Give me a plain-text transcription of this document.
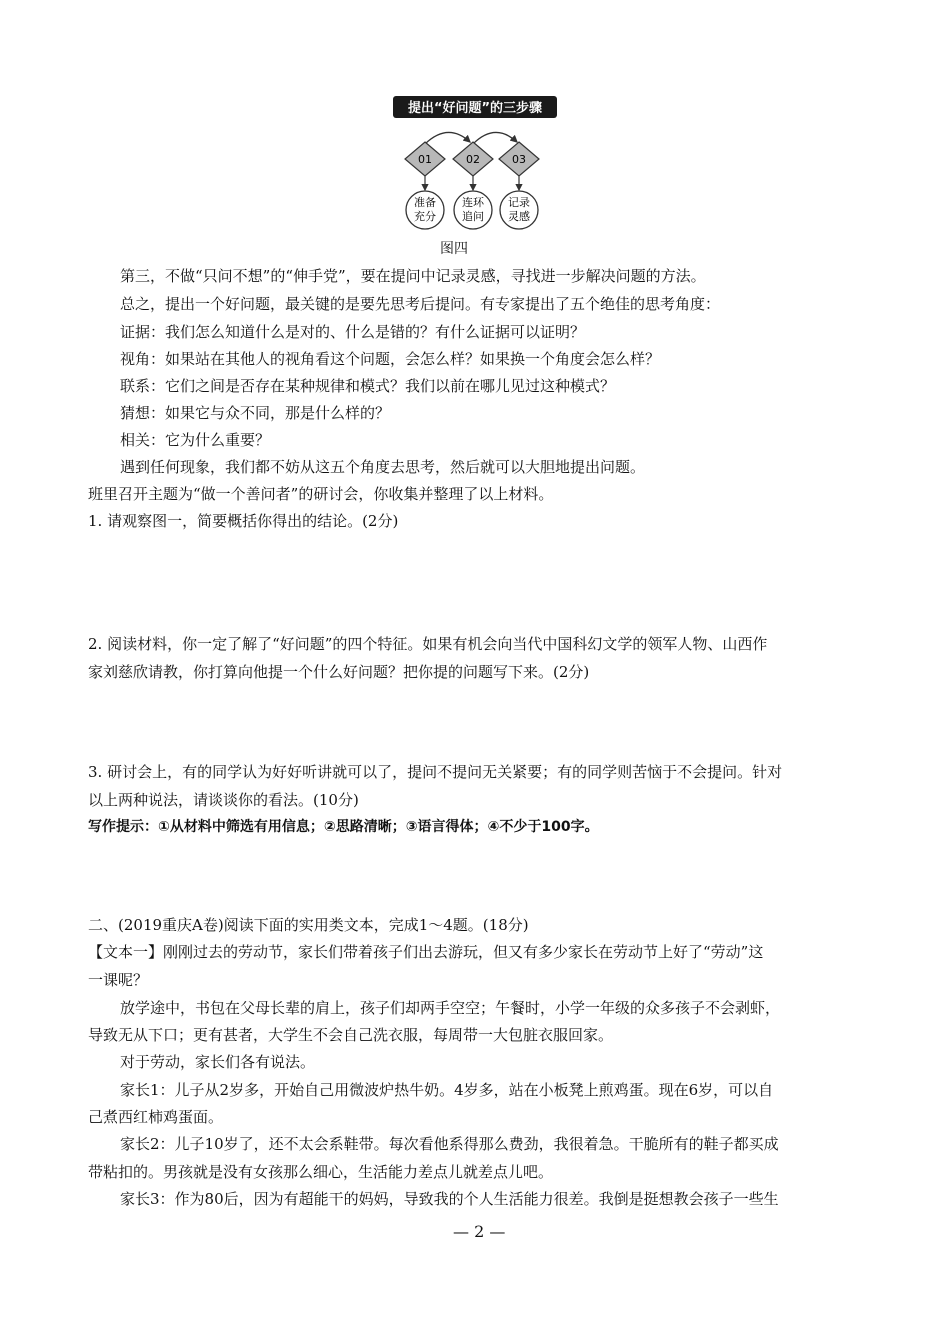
提出“好问题”的三步骤
01
准备
充分
02
连环
追问
03
记录
灵感
图四
第三，不做“只问不想”的“伸手党”，要在提问中记录灵感，寻找进一步解决问题的方法。
总之，提出一个好问题，最关键的是要先思考后提问。有专家提出了五个绝佳的思考角度：
证据：我们怎么知道什么是对的、什么是错的？有什么证据可以证明？
视角：如果站在其他人的视角看这个问题，会怎么样？如果换一个角度会怎么样？
联系：它们之间是否存在某种规律和模式？我们以前在哪儿见过这种模式？
猜想：如果它与众不同，那是什么样的？
相关：它为什么重要？
遇到任何现象，我们都不妨从这五个角度去思考，然后就可以大胆地提出问题。
班里召开主题为“做一个善问者”的研讨会，你收集并整理了以上材料。
1. 请观察图一，简要概括你得出的结论。(2分)
2. 阅读材料，你一定了解了“好问题”的四个特征。如果有机会向当代中国科幻文学的领军人物、山西作
家刘慈欣请教，你打算向他提一个什么好问题？把你提的问题写下来。(2分)
3. 研讨会上，有的同学认为好好听讲就可以了，提问不提问无关紧要；有的同学则苦恼于不会提问。针对
以上两种说法，请谈谈你的看法。(10分)
写作提示：①从材料中筛选有用信息；②思路清晰；③语言得体；④不少于100字。
二、(2019重庆A卷)阅读下面的实用类文本，完成1～4题。(18分)
【文本一】刚刚过去的劳动节，家长们带着孩子们出去游玩，但又有多少家长在劳动节上好了“劳动”这
一课呢？
放学途中，书包在父母长辈的肩上，孩子们却两手空空；午餐时，小学一年级的众多孩子不会剥虾，
导致无从下口；更有甚者，大学生不会自己洗衣服，每周带一大包脏衣服回家。
对于劳动，家长们各有说法。
家长1：儿子从2岁多，开始自己用微波炉热牛奶。4岁多，站在小板凳上煎鸡蛋。现在6岁，可以自
己煮西红柿鸡蛋面。
家长2：儿子10岁了，还不太会系鞋带。每次看他系得那么费劲，我很着急。干脆所有的鞋子都买成
带粘扣的。男孩就是没有女孩那么细心，生活能力差点儿就差点儿吧。
家长3：作为80后，因为有超能干的妈妈，导致我的个人生活能力很差。我倒是挺想教会孩子一些生
— 2 —
